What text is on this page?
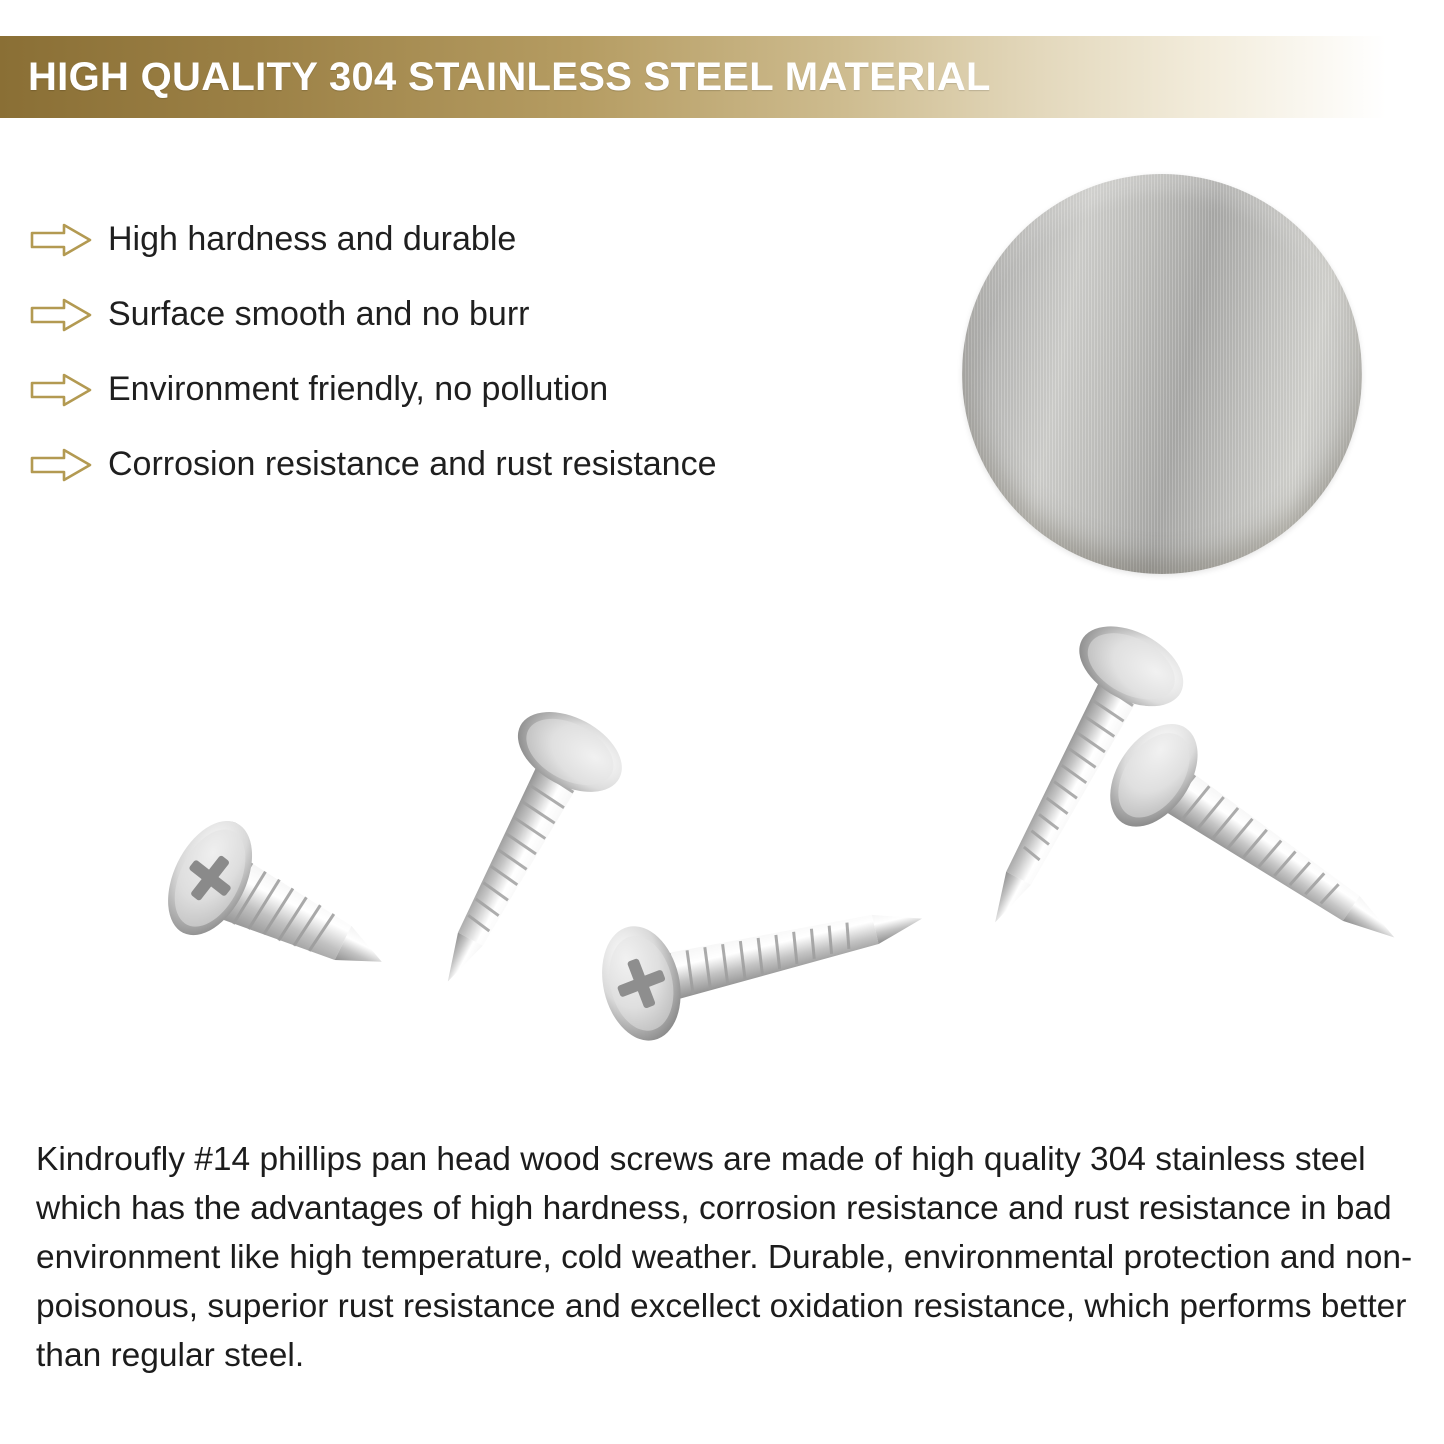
HIGH QUALITY 304 STAINLESS STEEL MATERIAL
High hardness and durable
Surface smooth and no burr
Environment friendly, no pollution
Corrosion resistance and rust resistance
Kindroufly #14 phillips pan head wood screws are made of high quality 304 stainless steel which has the advantages of high hardness, corrosion resistance and rust resistance in bad environment like high temperature, cold weather. Durable, environmental protection and non-poisonous, superior rust resistance and excellect oxidation resistance, which performs better than regular steel.
